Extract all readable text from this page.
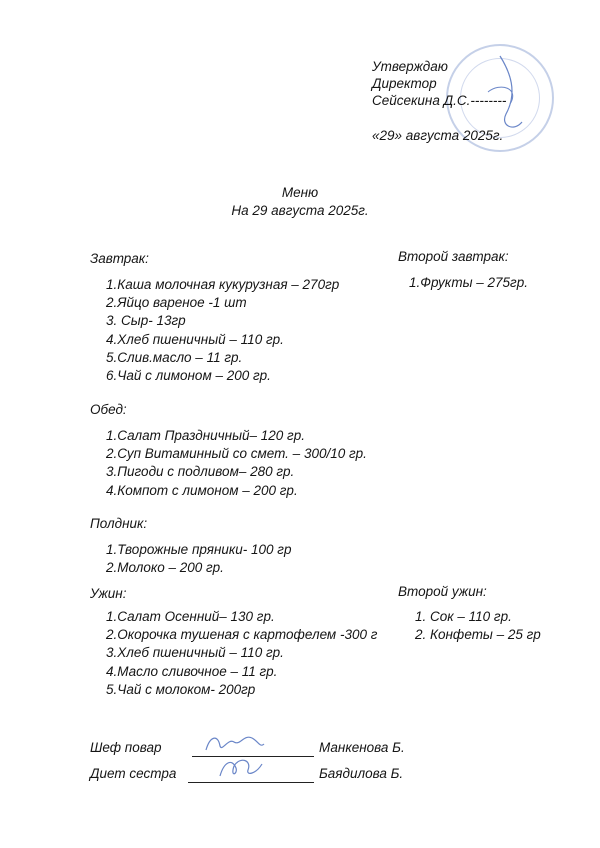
Утверждаю
Директор
Сейсекина Д.С.--------
«29» августа 2025г.
Меню
На 29 августа 2025г.
Завтрак:
1.Каша молочная кукурузная – 270гр
2.Яйцо вареное -1 шт
3. Сыр- 13гр
4.Хлеб пшеничный – 110 гр.
5.Слив.масло – 11 гр.
6.Чай с лимоном – 200 гр.
Второй завтрак:
1.Фрукты – 275гр.
Обед:
1.Салат Праздничный– 120 гр.
2.Суп Витаминный со смет. – 300/10 гр.
3.Пигоди с подливом– 280 гр.
4.Компот с лимоном – 200 гр.
Полдник:
1.Творожные пряники- 100 гр
2.Молоко – 200 гр.
Ужин:
1.Салат Осенний– 130 гр.
2.Окорочка тушеная с картофелем -300 г
3.Хлеб пшеничный – 110 гр.
4.Масло сливочное – 11 гр.
5.Чай с молоком- 200гр
Второй ужин:
1. Сок – 110 гр.
2. Конфеты – 25 гр
Шеф повар	Манкенова Б.
Диет сестра	Баядилова Б.
